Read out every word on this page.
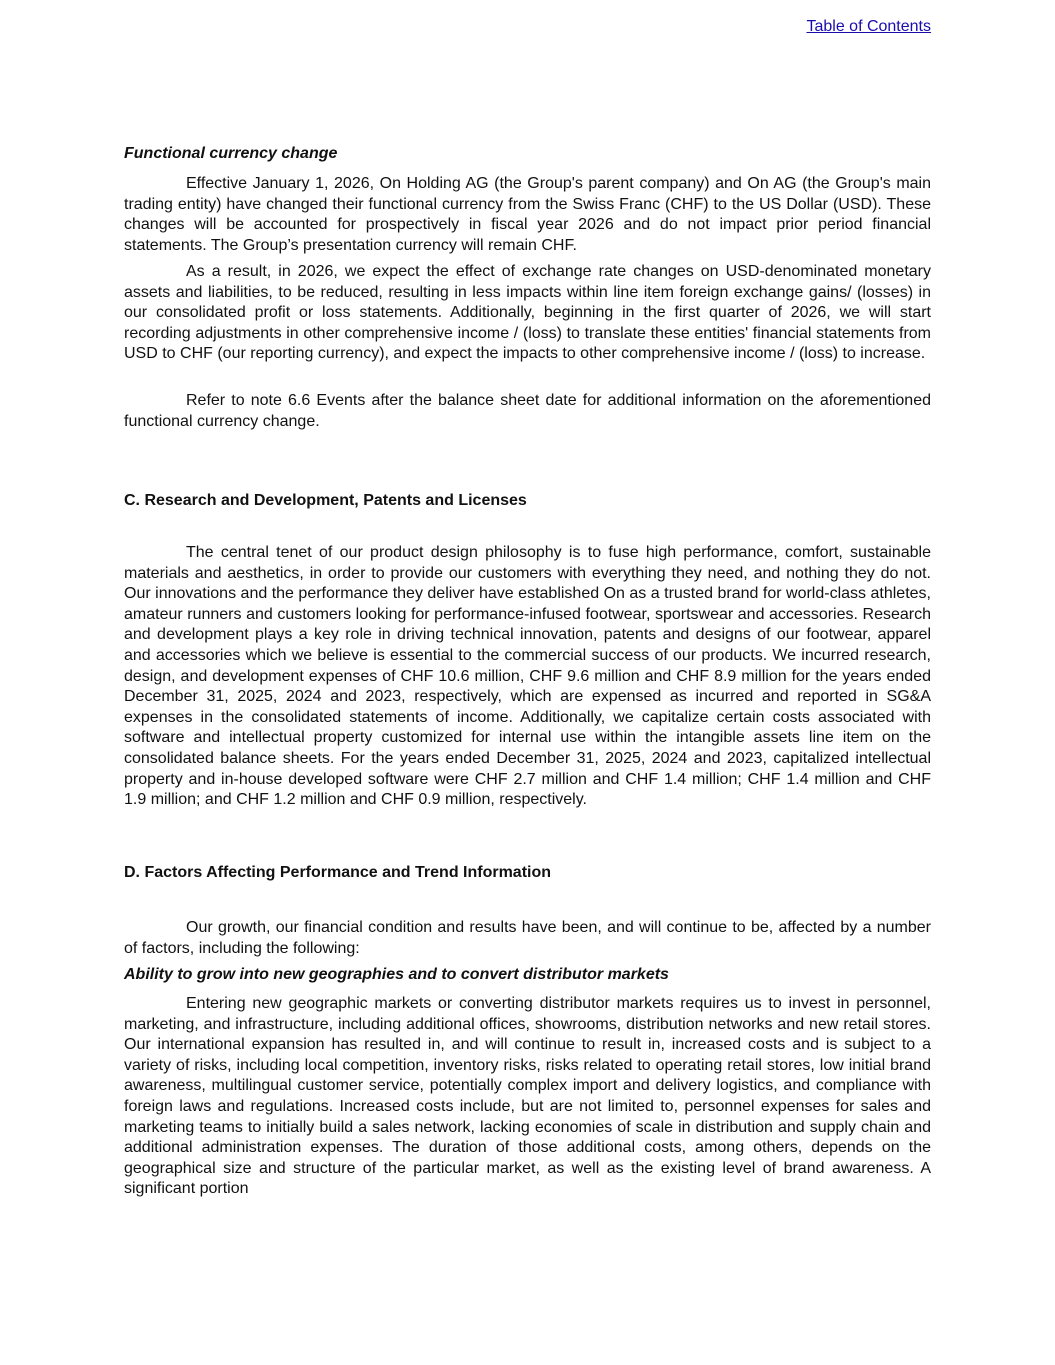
Table of Contents
Functional currency change

Effective January 1, 2026, On Holding AG (the Group's parent company) and On AG (the Group's main trading entity) have changed their functional currency from the Swiss Franc (CHF) to the US Dollar (USD). These changes will be accounted for prospectively in fiscal year 2026 and do not impact prior period financial statements. The Group’s presentation currency will remain CHF.

As a result, in 2026, we expect the effect of exchange rate changes on USD-denominated monetary assets and liabilities, to be reduced, resulting in less impacts within line item foreign exchange gains/ (losses) in our consolidated profit or loss statements. Additionally, beginning in the first quarter of 2026, we will start recording adjustments in other comprehensive income / (loss) to translate these entities' financial statements from USD to CHF (our reporting currency), and expect the impacts to other comprehensive income / (loss) to increase.

Refer to note 6.6 Events after the balance sheet date for additional information on the aforementioned functional currency change.

C. Research and Development, Patents and Licenses

The central tenet of our product design philosophy is to fuse high performance, comfort, sustainable materials and aesthetics, in order to provide our customers with everything they need, and nothing they do not. Our innovations and the performance they deliver have established On as a trusted brand for world-class athletes, amateur runners and customers looking for performance-infused footwear, sportswear and accessories. Research and development plays a key role in driving technical innovation, patents and designs of our footwear, apparel and accessories which we believe is essential to the commercial success of our products. We incurred research, design, and development expenses of CHF 10.6 million, CHF 9.6 million and CHF 8.9 million for the years ended December 31, 2025, 2024 and 2023, respectively, which are expensed as incurred and reported in SG&A expenses in the consolidated statements of income. Additionally, we capitalize certain costs associated with software and intellectual property customized for internal use within the intangible assets line item on the consolidated balance sheets. For the years ended December 31, 2025, 2024 and 2023, capitalized intellectual property and in-house developed software were CHF 2.7 million and CHF 1.4 million; CHF 1.4 million and CHF 1.9 million; and CHF 1.2 million and CHF 0.9 million, respectively.

D. Factors Affecting Performance and Trend Information

Our growth, our financial condition and results have been, and will continue to be, affected by a number of factors, including the following:

Ability to grow into new geographies and to convert distributor markets

Entering new geographic markets or converting distributor markets requires us to invest in personnel, marketing, and infrastructure, including additional offices, showrooms, distribution networks and new retail stores. Our international expansion has resulted in, and will continue to result in, increased costs and is subject to a variety of risks, including local competition, inventory risks, risks related to operating retail stores, low initial brand awareness, multilingual customer service, potentially complex import and delivery logistics, and compliance with foreign laws and regulations. Increased costs include, but are not limited to, personnel expenses for sales and marketing teams to initially build a sales network, lacking economies of scale in distribution and supply chain and additional administration expenses. The duration of those additional costs, among others, depends on the geographical size and structure of the particular market, as well as the existing level of brand awareness. A significant portion
